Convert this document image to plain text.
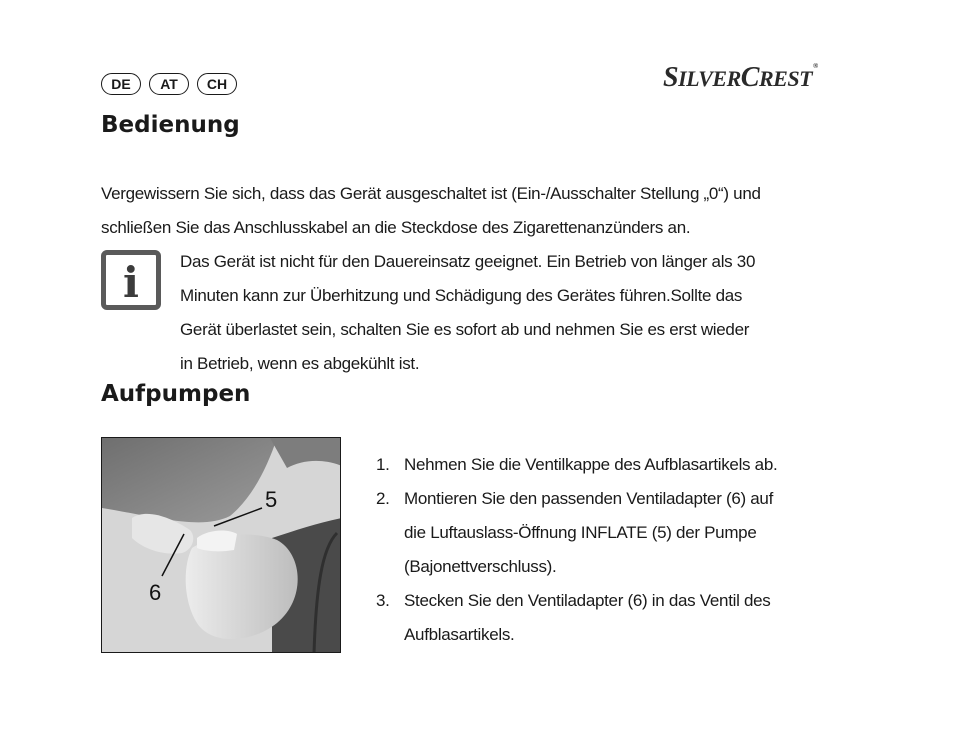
DE	AT	CH	SILVERCREST®
Bedienung
Vergewissern Sie sich, dass das Gerät ausgeschaltet ist (Ein-/Ausschalter Stellung „0“) und
schließen Sie das Anschlusskabel an die Steckdose des Zigarettenanzünders an.
i	Das Gerät ist nicht für den Dauereinsatz geeignet. Ein Betrieb von länger als 30
Minuten kann zur Überhitzung und Schädigung des Gerätes führen.Sollte das
Gerät überlastet sein, schalten Sie es sofort ab und nehmen Sie es erst wieder
in Betrieb, wenn es abgekühlt ist.
Aufpumpen
5
6
1. Nehmen Sie die Ventilkappe des Aufblasartikels ab.
2. Montieren Sie den passenden Ventiladapter (6) auf
die Luftauslass-Öffnung INFLATE (5) der Pumpe
(Bajonettverschluss).
3. Stecken Sie den Ventiladapter (6) in das Ventil des
Aufblasartikels.
